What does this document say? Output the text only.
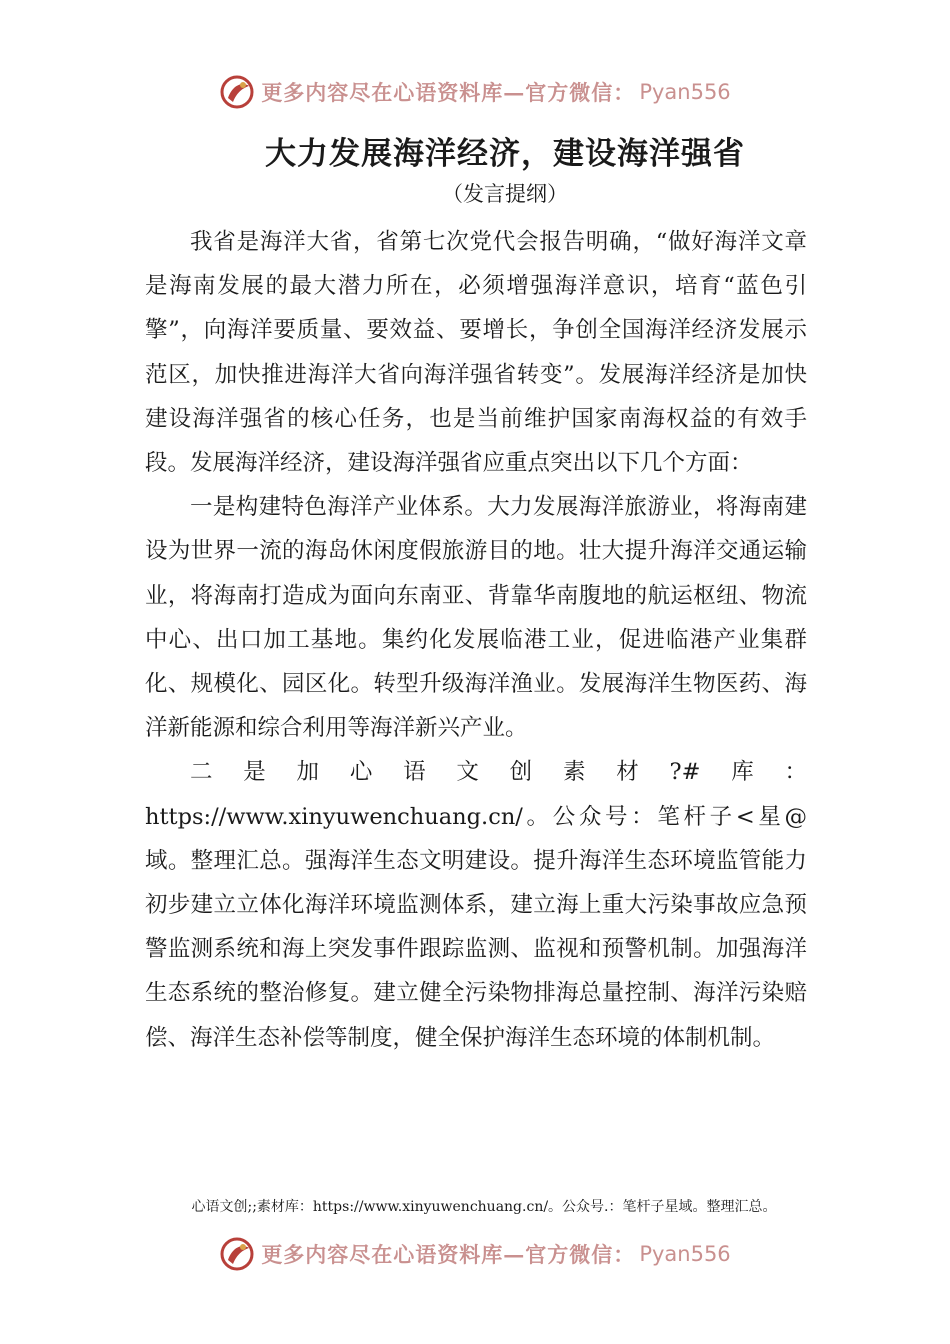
更多内容尽在心语资料库—官方微信： Pyan556
大力发展海洋经济，建设海洋强省
（发言提纲）

我省是海洋大省，省第七次党代会报告明确，“做好海洋文章是海南发展的最大潜力所在，必须增强海洋意识，培育“蓝色引擎”，向海洋要质量、要效益、要增长，争创全国海洋经济发展示范区，加快推进海洋大省向海洋强省转变”。发展海洋经济是加快建设海洋强省的核心任务，也是当前维护国家南海权益的有效手段。发展海洋经济，建设海洋强省应重点突出以下几个方面：

一是构建特色海洋产业体系。大力发展海洋旅游业，将海南建设为世界一流的海岛休闲度假旅游目的地。壮大提升海洋交通运输业，将海南打造成为面向东南亚、背靠华南腹地的航运枢纽、物流中心、出口加工基地。集约化发展临港工业，促进临港产业集群化、规模化、园区化。转型升级海洋渔业。发展海洋生物医药、海洋新能源和综合利用等海洋新兴产业。

二是加心语文创素材?#库：https://www.xinyuwenchuang.cn/。公众号：笔杆子<星@域。整理汇总。强海洋生态文明建设。提升海洋生态环境监管能力初步建立立体化海洋环境监测体系，建立海上重大污染事故应急预警监测系统和海上突发事件跟踪监测、监视和预警机制。加强海洋生态系统的整治修复。建立健全污染物排海总量控制、海洋污染赔偿、海洋生态补偿等制度，健全保护海洋生态环境的体制机制。

心语文创;;素材库：https://www.xinyuwenchuang.cn/。公众号.：笔杆子星域。整理汇总。
更多内容尽在心语资料库—官方微信： Pyan556
